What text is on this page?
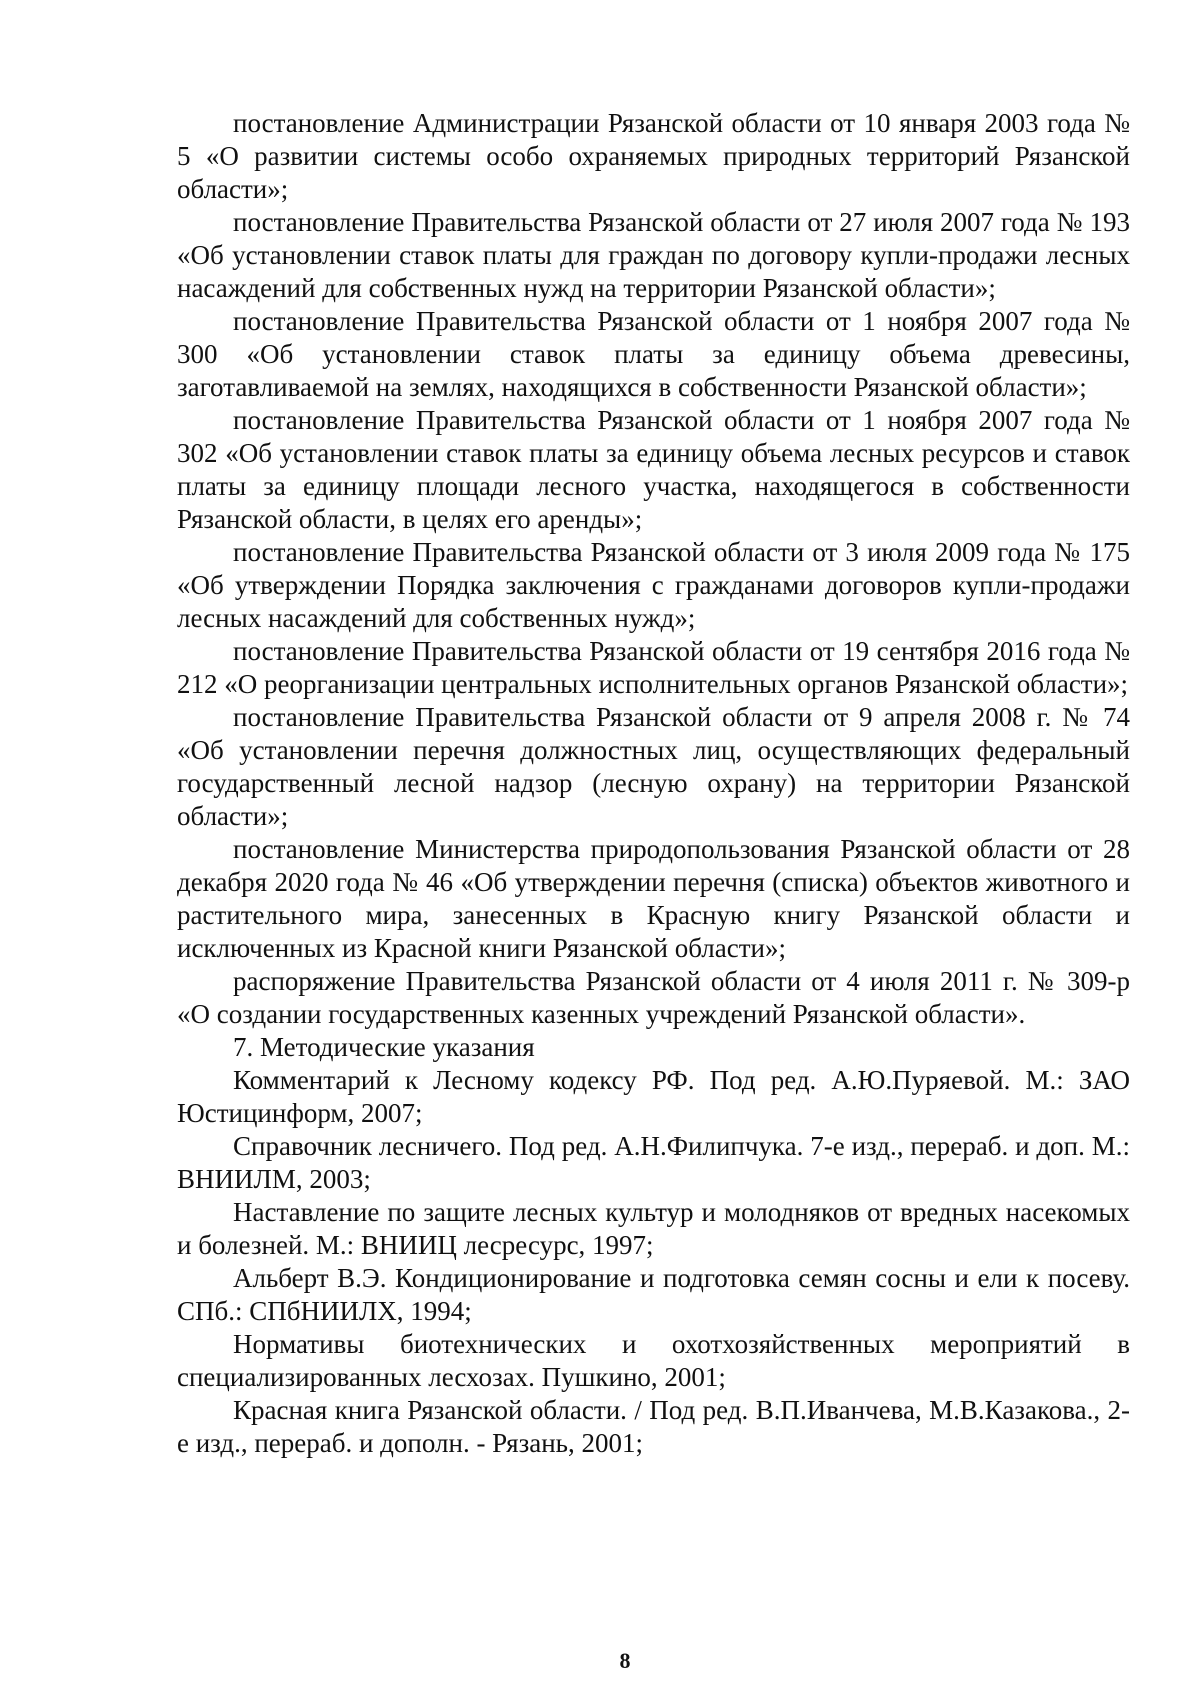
постановление Администрации Рязанской области от 10 января 2003 года № 5 «О развитии системы особо охраняемых природных территорий Рязанской области»;

постановление Правительства Рязанской области от 27 июля 2007 года № 193 «Об установлении ставок платы для граждан по договору купли-продажи лесных насаждений для собственных нужд на территории Рязанской области»;

постановление Правительства Рязанской области от 1 ноября 2007 года № 300 «Об установлении ставок платы за единицу объема древесины, заготавливаемой на землях, находящихся в собственности Рязанской области»;

постановление Правительства Рязанской области от 1 ноября 2007 года № 302 «Об установлении ставок платы за единицу объема лесных ресурсов и ставок платы за единицу площади лесного участка, находящегося в собственности Рязанской области, в целях его аренды»;

постановление Правительства Рязанской области от 3 июля 2009 года № 175 «Об утверждении Порядка заключения с гражданами договоров купли-продажи лесных насаждений для собственных нужд»;

постановление Правительства Рязанской области от 19 сентября 2016 года № 212 «О реорганизации центральных исполнительных органов Рязанской области»;

постановление Правительства Рязанской области от 9 апреля 2008 г. № 74 «Об установлении перечня должностных лиц, осуществляющих федеральный государственный лесной надзор (лесную охрану) на территории Рязанской области»;

постановление Министерства природопользования Рязанской области от 28 декабря 2020 года № 46 «Об утверждении перечня (списка) объектов животного и растительного мира, занесенных в Красную книгу Рязанской области и исключенных из Красной книги Рязанской области»;

распоряжение Правительства Рязанской области от 4 июля 2011 г. № 309-р «О создании государственных казенных учреждений Рязанской области».

7. Методические указания

Комментарий к Лесному кодексу РФ. Под ред. А.Ю.Пуряевой. М.: ЗАО Юстицинформ, 2007;

Справочник лесничего. Под ред. А.Н.Филипчука. 7-е изд., перераб. и доп. М.: ВНИИЛМ, 2003;

Наставление по защите лесных культур и молодняков от вредных насекомых и болезней. М.: ВНИИЦ лесресурс, 1997;

Альберт В.Э. Кондиционирование и подготовка семян сосны и ели к посеву. СПб.: СПбНИИЛХ, 1994;

Нормативы биотехнических и охотхозяйственных мероприятий в специализированных лесхозах. Пушкино, 2001;

Красная книга Рязанской области. / Под ред. В.П.Иванчева, М.В.Казакова., 2-е изд., перераб. и дополн. - Рязань, 2001;

8
